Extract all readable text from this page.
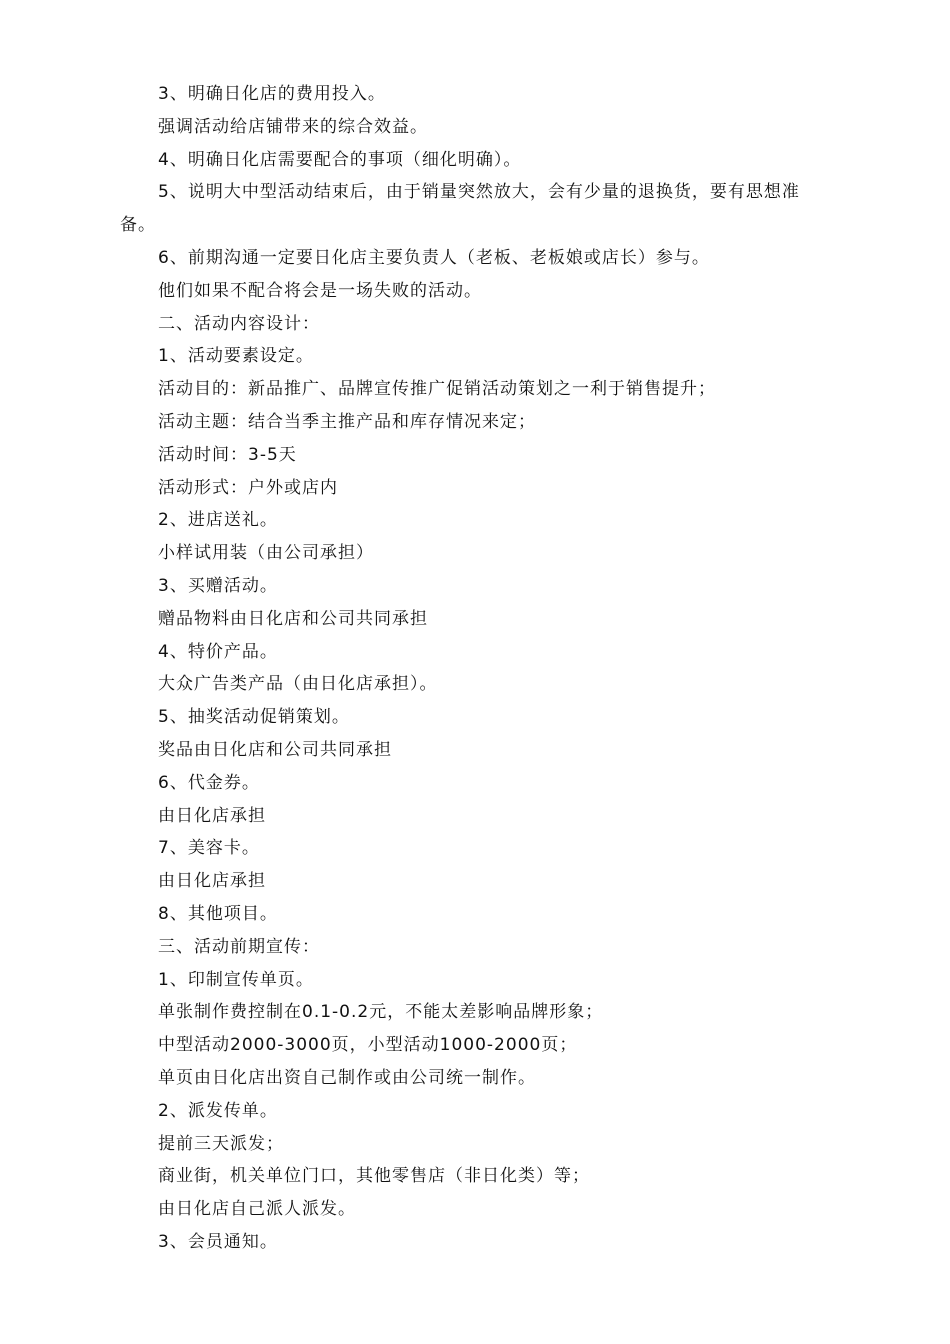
3、明确日化店的费用投入。

强调活动给店铺带来的综合效益。

4、明确日化店需要配合的事项（细化明确）。

5、说明大中型活动结束后，由于销量突然放大，会有少量的退换货，要有思想准备。

6、前期沟通一定要日化店主要负责人（老板、老板娘或店长）参与。

他们如果不配合将会是一场失败的活动。

二、活动内容设计：

1、活动要素设定。

活动目的：新品推广、品牌宣传推广促销活动策划之一利于销售提升；

活动主题：结合当季主推产品和库存情况来定；

活动时间：3-5天

活动形式：户外或店内

2、进店送礼。

小样试用装（由公司承担）

3、买赠活动。

赠品物料由日化店和公司共同承担

4、特价产品。

大众广告类产品（由日化店承担）。

5、抽奖活动促销策划。

奖品由日化店和公司共同承担

6、代金券。

由日化店承担

7、美容卡。

由日化店承担

8、其他项目。

三、活动前期宣传：

1、印制宣传单页。

单张制作费控制在0.1-0.2元，不能太差影响品牌形象；

中型活动2000-3000页，小型活动1000-2000页；

单页由日化店出资自己制作或由公司统一制作。

2、派发传单。

提前三天派发；

商业街，机关单位门口，其他零售店（非日化类）等；

由日化店自己派人派发。

3、会员通知。
